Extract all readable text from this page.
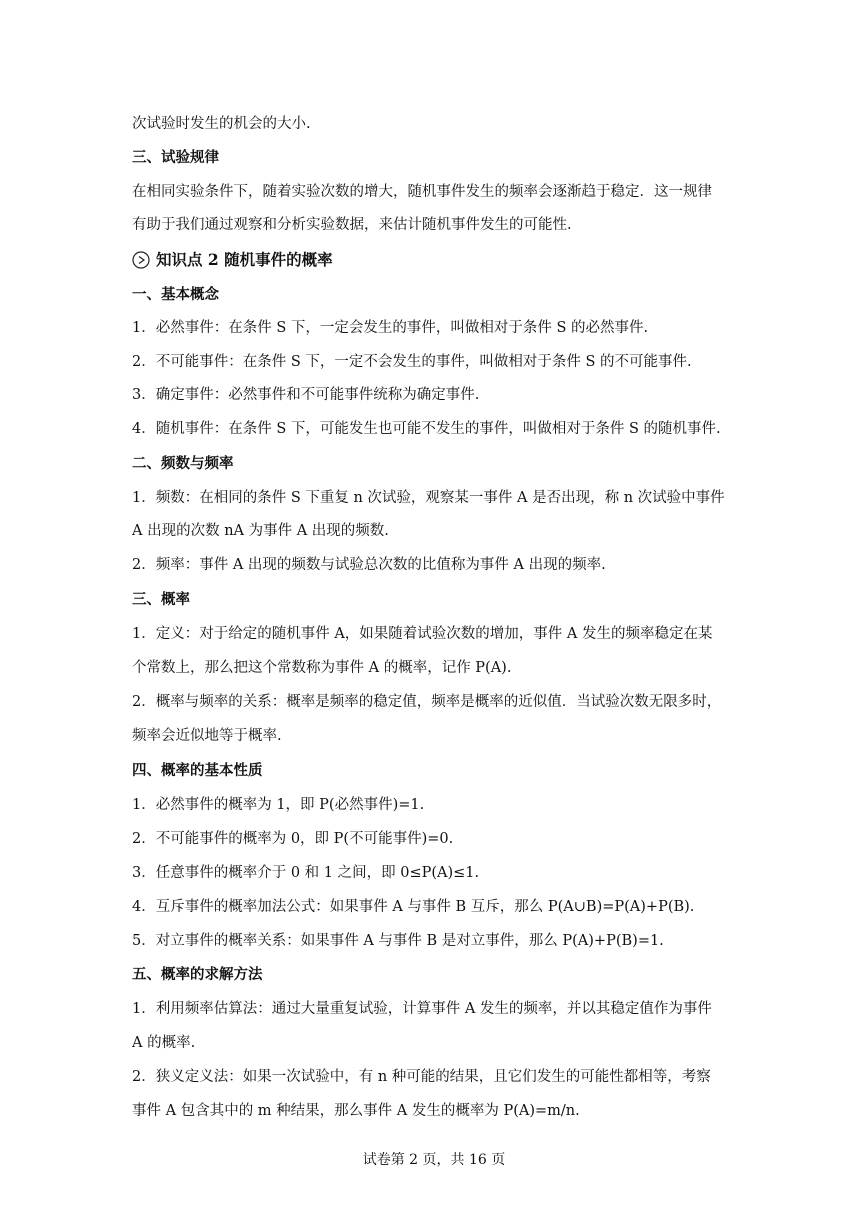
次试验时发生的机会的大小.
三、试验规律
在相同实验条件下，随着实验次数的增大，随机事件发生的频率会逐渐趋于稳定．这一规律
有助于我们通过观察和分析实验数据，来估计随机事件发生的可能性.
知识点 2 随机事件的概率
一、基本概念
1．必然事件：在条件 S 下，一定会发生的事件，叫做相对于条件 S 的必然事件.
2．不可能事件：在条件 S 下，一定不会发生的事件，叫做相对于条件 S 的不可能事件.
3．确定事件：必然事件和不可能事件统称为确定事件.
4．随机事件：在条件 S 下，可能发生也可能不发生的事件，叫做相对于条件 S 的随机事件.
二、频数与频率
1．频数：在相同的条件 S 下重复 n 次试验，观察某一事件 A 是否出现，称 n 次试验中事件
A 出现的次数 nA 为事件 A 出现的频数.
2．频率：事件 A 出现的频数与试验总次数的比值称为事件 A 出现的频率.
三、概率
1．定义：对于给定的随机事件 A，如果随着试验次数的增加，事件 A 发生的频率稳定在某
个常数上，那么把这个常数称为事件 A 的概率，记作 P(A).
2．概率与频率的关系：概率是频率的稳定值，频率是概率的近似值．当试验次数无限多时，
频率会近似地等于概率.
四、概率的基本性质
1．必然事件的概率为 1，即 P(必然事件)=1.
2．不可能事件的概率为 0，即 P(不可能事件)=0.
3．任意事件的概率介于 0 和 1 之间，即 0≤P(A)≤1.
4．互斥事件的概率加法公式：如果事件 A 与事件 B 互斥，那么 P(A∪B)=P(A)+P(B).
5．对立事件的概率关系：如果事件 A 与事件 B 是对立事件，那么 P(A)+P(B)=1.
五、概率的求解方法
1．利用频率估算法：通过大量重复试验，计算事件 A 发生的频率，并以其稳定值作为事件
A 的概率.
2．狭义定义法：如果一次试验中，有 n 种可能的结果，且它们发生的可能性都相等，考察
事件 A 包含其中的 m 种结果，那么事件 A 发生的概率为 P(A)=m/n.
试卷第 2 页，共 16 页
